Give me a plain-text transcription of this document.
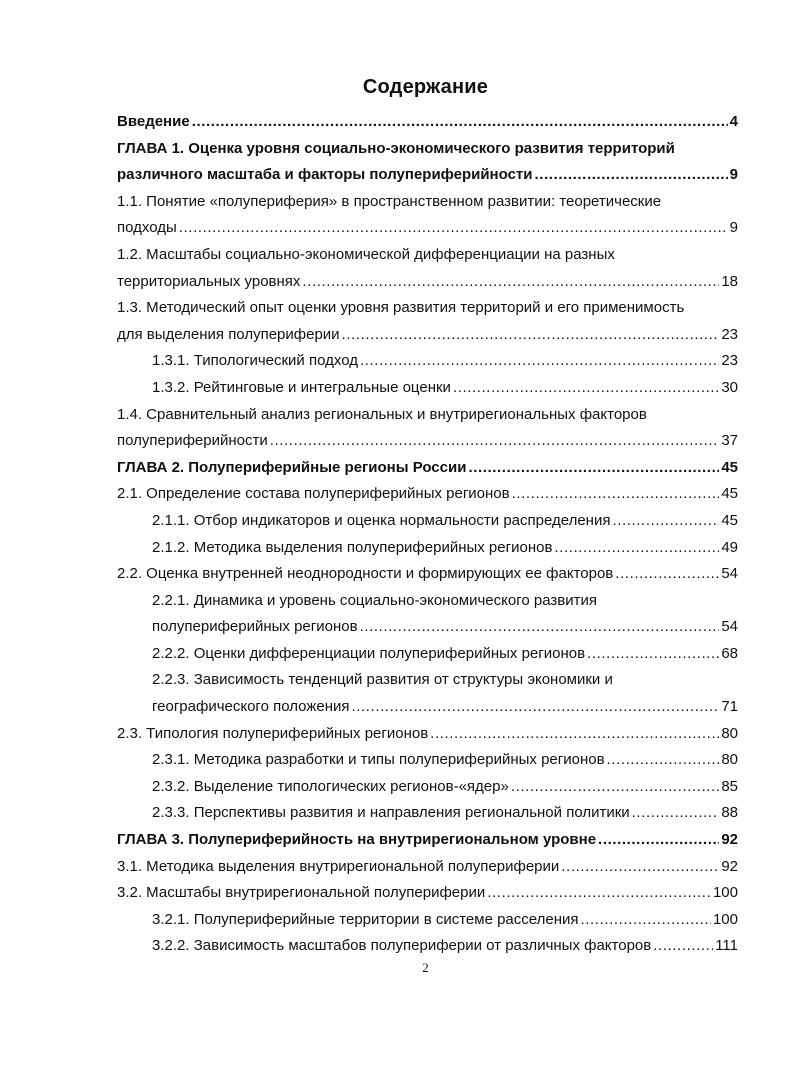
Содержание
Введение .....	4
ГЛАВА 1. Оценка уровня социально-экономического развития территорий
различного масштаба и факторы полупериферийности .....	9
1.1. Понятие «полупериферия» в пространственном развитии: теоретические
подходы .....	9
1.2. Масштабы социально-экономической дифференциации на разных
территориальных уровнях .....	18
1.3. Методический опыт оценки уровня развития территорий и его применимость
для выделения полупериферии .....	23
1.3.1. Типологический подход .....	23
1.3.2. Рейтинговые и интегральные оценки .....	30
1.4. Сравнительный анализ региональных и внутрирегиональных факторов
полупериферийности .....	37
ГЛАВА 2. Полупериферийные регионы России .....	45
2.1. Определение состава полупериферийных регионов .....	45
2.1.1. Отбор индикаторов и оценка нормальности распределения .....	45
2.1.2. Методика выделения полупериферийных регионов .....	49
2.2. Оценка внутренней неоднородности и формирующих ее факторов .....	54
2.2.1. Динамика и уровень социально-экономического развития
полупериферийных регионов .....	54
2.2.2. Оценки дифференциации полупериферийных регионов .....	68
2.2.3. Зависимость тенденций развития от структуры экономики и
географического положения .....	71
2.3. Типология полупериферийных регионов .....	80
2.3.1. Методика разработки и типы полупериферийных регионов .....	80
2.3.2. Выделение типологических регионов-«ядер» .....	85
2.3.3. Перспективы развития и направления региональной политики .....	88
ГЛАВА 3. Полупериферийность на внутрирегиональном уровне .....	92
3.1. Методика выделения внутрирегиональной полупериферии .....	92
3.2. Масштабы внутрирегиональной полупериферии .....	100
3.2.1. Полупериферийные территории в системе расселения .....	100
3.2.2. Зависимость масштабов полупериферии от различных факторов .....	111
2
